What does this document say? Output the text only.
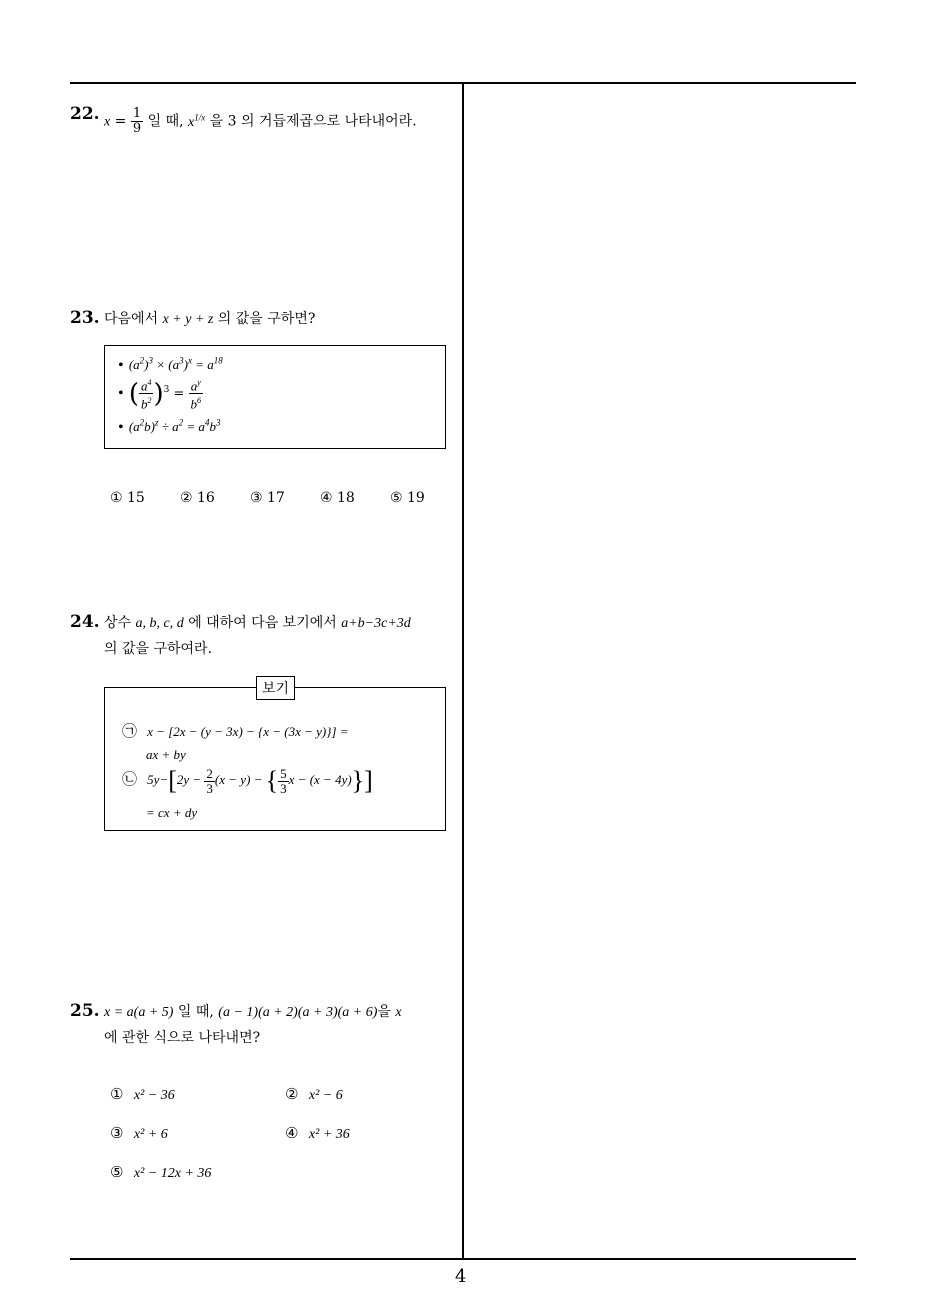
22. $x = \frac{1}{9}$ 일 때, $x^{1/x}$ 을 3 의 거듭제곱으로 나타내어라.
23. 다음에서 x + y + z 의 값을 구하면?
• $(a^2)^3 \times (a^3)^x = a^{18}$
• ( $\frac{a^4}{b^2} )^3 = \frac{a^y}{b^6}$
• $(a^2b)^z \div a^2 = a^4b^3$
① 15	② 16	③ 17	④ 18	⑤ 19
24. 상수 a, b, c, d 에 대하여 다음 보기에서 a+b−3c+3d
의 값을 구하여라.
보기
㉠ x − [2x − (y − 3x) − {x − (3x − y)}] =
ax + by
㉡ $5y-[2y - \frac{2}{3} (x - y)$ − { $\frac{5}{3}$ x − (x − 4y)}]
= cx + dy
25. x = a(a + 5) 일 때, (a − 1)(a + 2)(a + 3)(a + 6)을 x
에 관한 식으로 나타내면?
① x² − 36	② x² − 6
③ x² + 6	④ x² + 36
⑤ x² − 12x + 36
4
